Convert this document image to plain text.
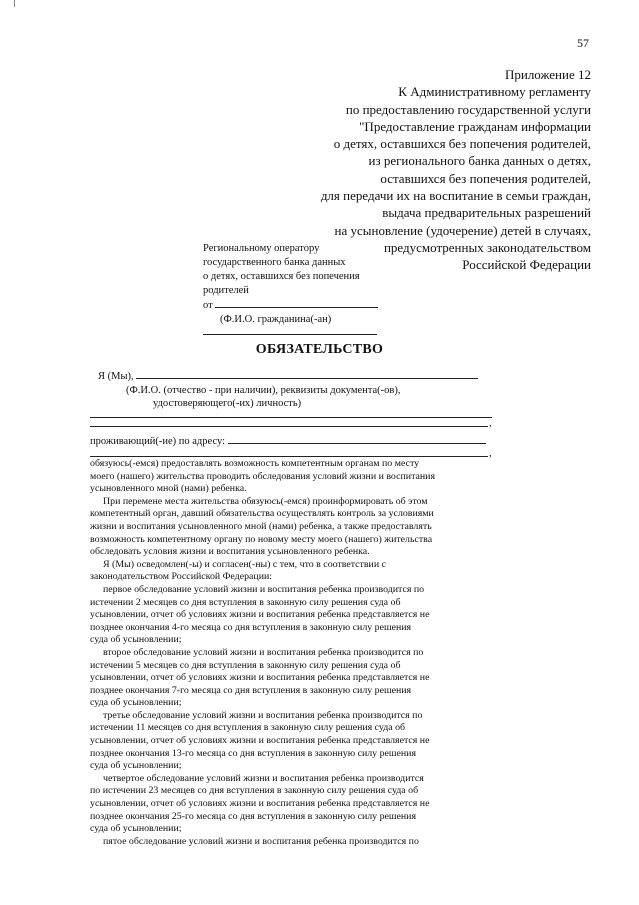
57
Приложение 12
К Административному регламенту
по предоставлению государственной услуги
"Предоставление гражданам информации
о детях, оставшихся без попечения родителей,
из регионального банка данных о детях,
оставшихся без попечения родителей,
для передачи их на воспитание в семьи граждан,
выдача предварительных разрешений
на усыновление (удочерение) детей в случаях,
предусмотренных законодательством
Российской Федерации
Региональному оператору
государственного банка данных
о детях, оставшихся без попечения
родителей
от
(Ф.И.О. гражданина(-ан)
ОБЯЗАТЕЛЬСТВО
Я (Мы),
(Ф.И.О. (отчество - при наличии), реквизиты документа(-ов),
удостоверяющего(-их) личность)
,
проживающий(-ие) по адресу:
,
обязуюсь(-емся) предоставлять возможность компетентным органам по месту
моего (нашего) жительства проводить обследования условий жизни и воспитания
усыновленного мной (нами) ребенка.
При перемене места жительства обязуюсь(-емся) проинформировать об этом
компетентный орган, давший обязательства осуществлять контроль за условиями
жизни и воспитания усыновленного мной (нами) ребенка, а также предоставлять
возможность компетентному органу по новому месту моего (нашего) жительства
обследовать условия жизни и воспитания усыновленного ребенка.
Я (Мы) осведомлен(-ы) и согласен(-ны) с тем, что в соответствии с
законодательством Российской Федерации:
первое обследование условий жизни и воспитания ребенка производится по
истечении 2 месяцев со дня вступления в законную силу решения суда об
усыновлении, отчет об условиях жизни и воспитания ребенка представляется не
позднее окончания 4-го месяца со дня вступления в законную силу решения
суда об усыновлении;
второе обследование условий жизни и воспитания ребенка производится по
истечении 5 месяцев со дня вступления в законную силу решения суда об
усыновлении, отчет об условиях жизни и воспитания ребенка представляется не
позднее окончания 7-го месяца со дня вступления в законную силу решения
суда об усыновлении;
третье обследование условий жизни и воспитания ребенка производится по
истечении 11 месяцев со дня вступления в законную силу решения суда об
усыновлении, отчет об условиях жизни и воспитания ребенка представляется не
позднее окончания 13-го месяца со дня вступления в законную силу решения
суда об усыновлении;
четвертое обследование условий жизни и воспитания ребенка производится
по истечении 23 месяцев со дня вступления в законную силу решения суда об
усыновлении, отчет об условиях жизни и воспитания ребенка представляется не
позднее окончания 25-го месяца со дня вступления в законную силу решения
суда об усыновлении;
пятое обследование условий жизни и воспитания ребенка производится по
